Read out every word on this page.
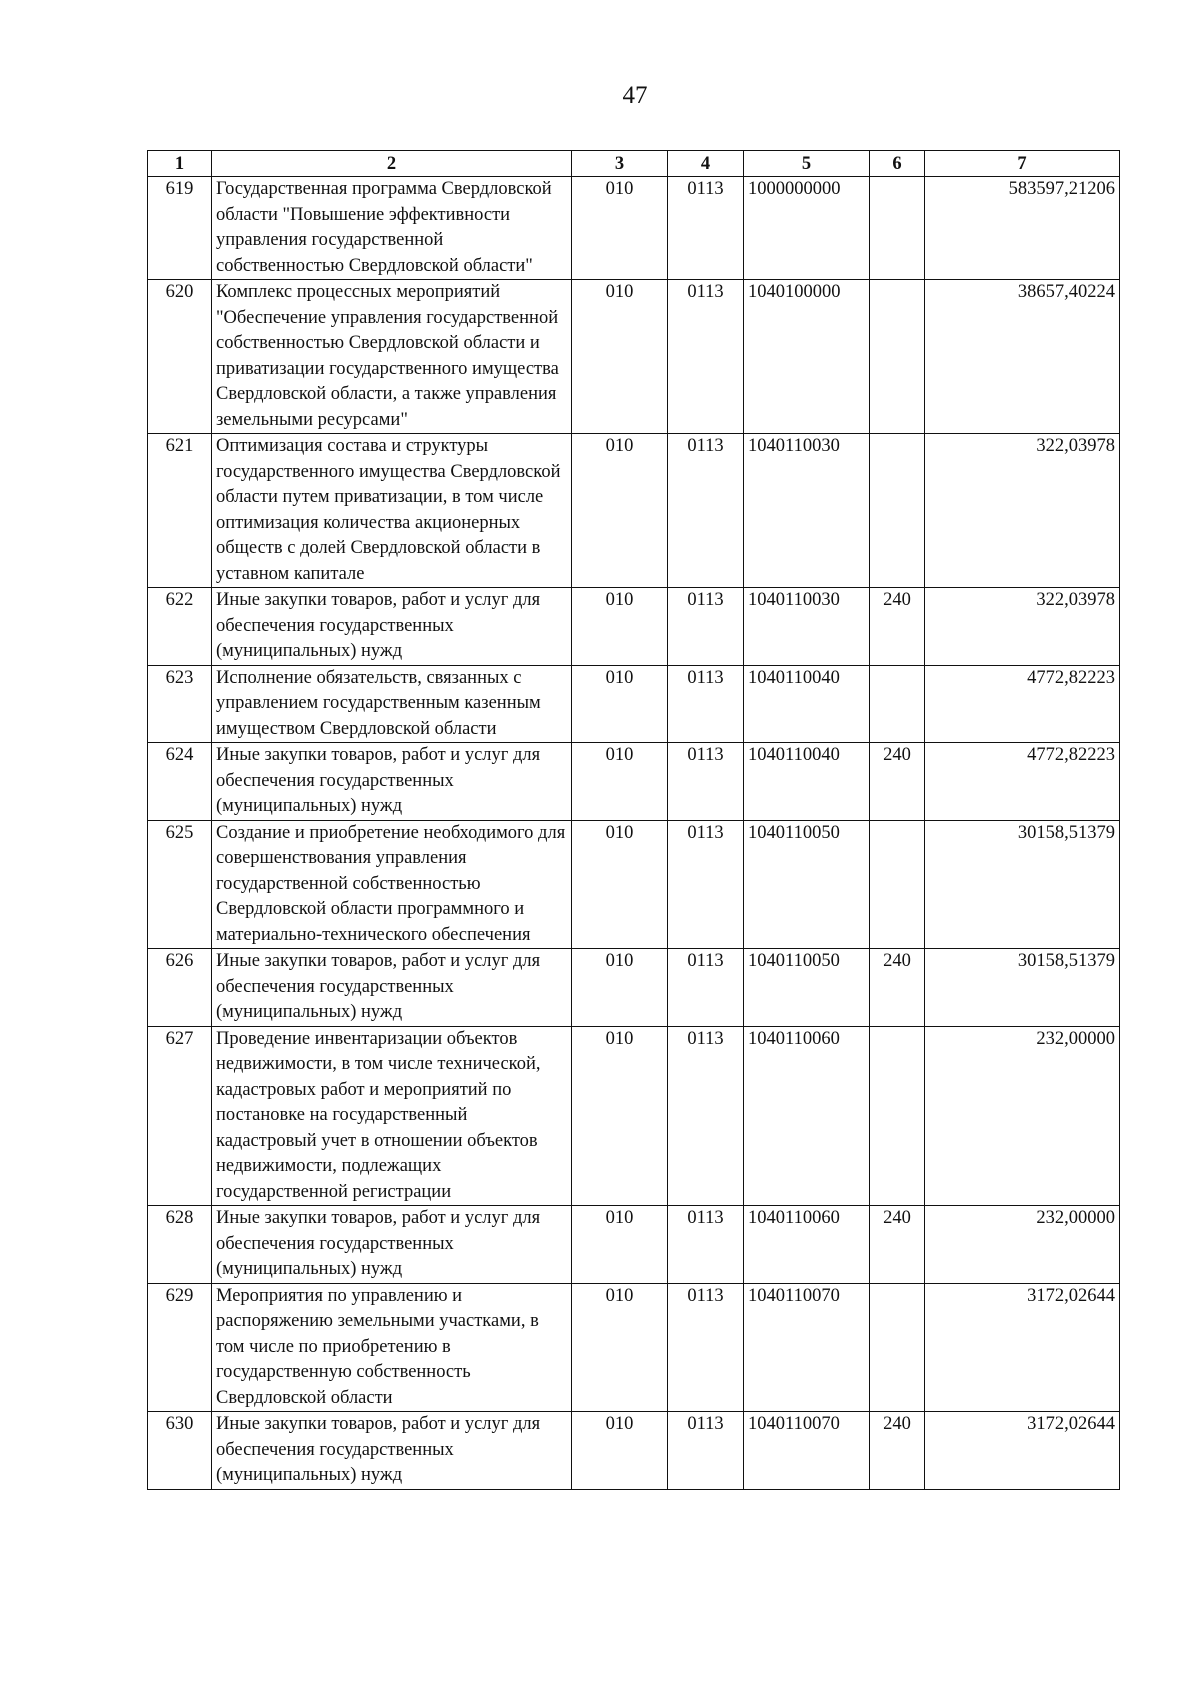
47
1	2	3	4	5	6	7
619	Государственная программа Свердловской области "Повышение эффективности управления государственной собственностью Свердловской области"	010	0113	1000000000		583597,21206
620	Комплекс процессных мероприятий "Обеспечение управления государственной собственностью Свердловской области и приватизации государственного имущества Свердловской области, а также управления земельными ресурсами"	010	0113	1040100000		38657,40224
621	Оптимизация состава и структуры государственного имущества Свердловской области путем приватизации, в том числе оптимизация количества акционерных обществ с долей Свердловской области в уставном капитале	010	0113	1040110030		322,03978
622	Иные закупки товаров, работ и услуг для обеспечения государственных (муниципальных) нужд	010	0113	1040110030	240	322,03978
623	Исполнение обязательств, связанных с управлением государственным казенным имуществом Свердловской области	010	0113	1040110040		4772,82223
624	Иные закупки товаров, работ и услуг для обеспечения государственных (муниципальных) нужд	010	0113	1040110040	240	4772,82223
625	Создание и приобретение необходимого для совершенствования управления государственной собственностью Свердловской области программного и материально-технического обеспечения	010	0113	1040110050		30158,51379
626	Иные закупки товаров, работ и услуг для обеспечения государственных (муниципальных) нужд	010	0113	1040110050	240	30158,51379
627	Проведение инвентаризации объектов недвижимости, в том числе технической, кадастровых работ и мероприятий по постановке на государственный кадастровый учет в отношении объектов недвижимости, подлежащих государственной регистрации	010	0113	1040110060		232,00000
628	Иные закупки товаров, работ и услуг для обеспечения государственных (муниципальных) нужд	010	0113	1040110060	240	232,00000
629	Мероприятия по управлению и распоряжению земельными участками, в том числе по приобретению в государственную собственность Свердловской области	010	0113	1040110070		3172,02644
630	Иные закупки товаров, работ и услуг для обеспечения государственных (муниципальных) нужд	010	0113	1040110070	240	3172,02644
